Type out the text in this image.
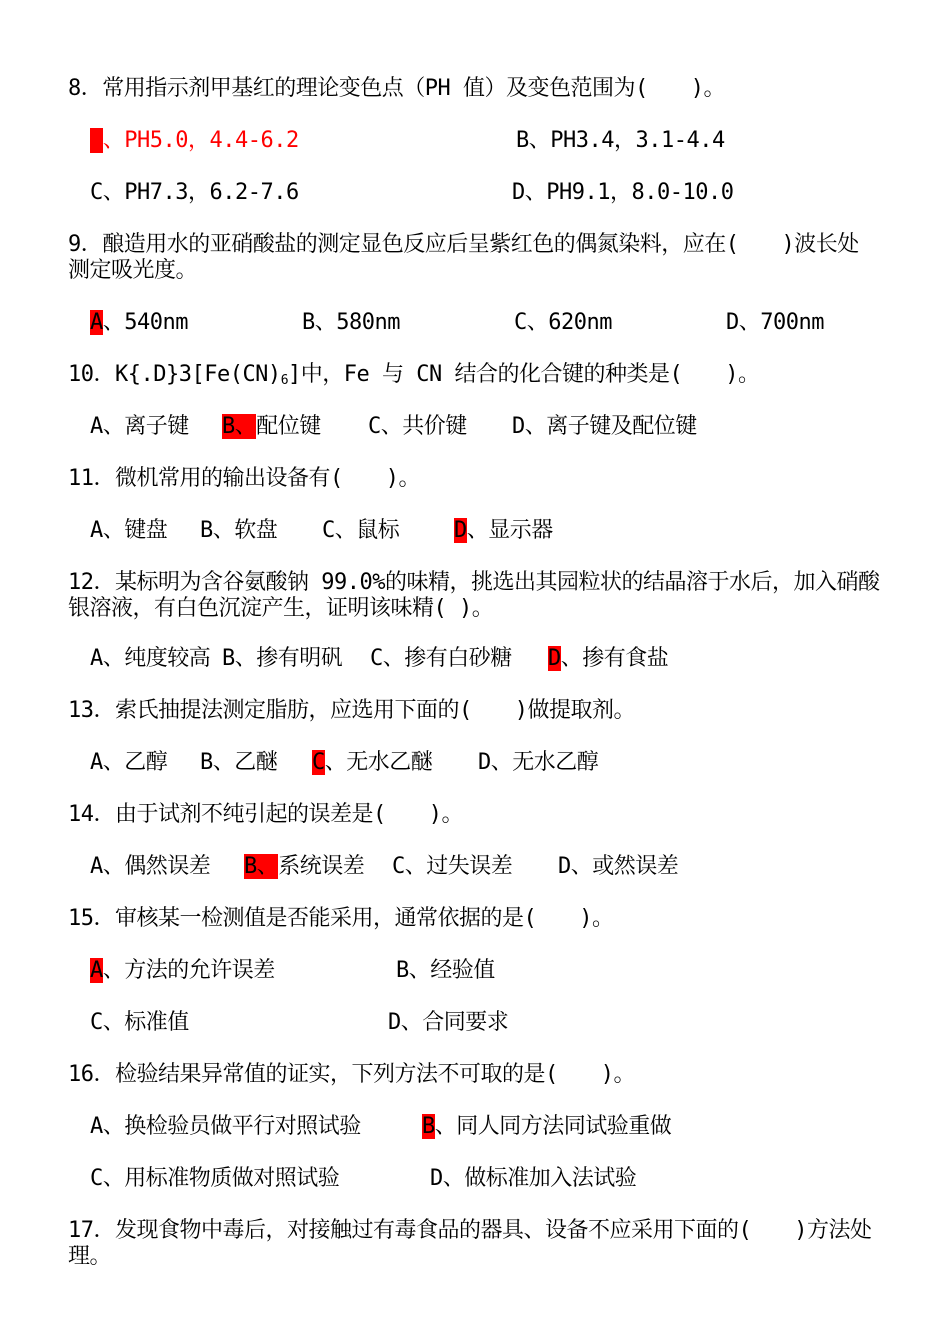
8．常用指示剂甲基红的理论变色点（PH 值）及变色范围为(　　)。
A、PH5.0，4.4-6.2	B、PH3.4，3.1-4.4
C、PH7.3，6.2-7.6	D、PH9.1，8.0-10.0
9．酿造用水的亚硝酸盐的测定显色反应后呈紫红色的偶氮染料，应在(　　)波长处
测定吸光度。
A、540nm	B、580nm	C、620nm	D、700nm
10．$K\{.D\}3[Fe(CN)_6]$中，Fe 与 CN 结合的化合键的种类是(　　)。
A、离子键 B、配位键 C、共价键 D、离子键及配位键
11．微机常用的输出设备有(　　)。
A、键盘 B、软盘 C、鼠标 D、显示器
12．某标明为含谷氨酸钠 99.0%的味精，挑选出其园粒状的结晶溶于水后，加入硝酸
银溶液，有白色沉淀产生，证明该味精( )。
A、纯度较高 B、掺有明矾 C、掺有白砂糖 D、掺有食盐
13．索氏抽提法测定脂肪，应选用下面的(　　)做提取剂。
A、乙醇 B、乙醚 C、无水乙醚 D、无水乙醇
14．由于试剂不纯引起的误差是(　　)。
A、偶然误差 B、系统误差 C、过失误差 D、或然误差
15．审核某一检测值是否能采用，通常依据的是(　　)。
A、方法的允许误差	B、经验值
C、标准值	D、合同要求
16．检验结果异常值的证实，下列方法不可取的是(　　)。
A、换检验员做平行对照试验	B、同人同方法同试验重做
C、用标准物质做对照试验	D、做标准加入法试验
17．发现食物中毒后，对接触过有毒食品的器具、设备不应采用下面的(　　)方法处
理。
